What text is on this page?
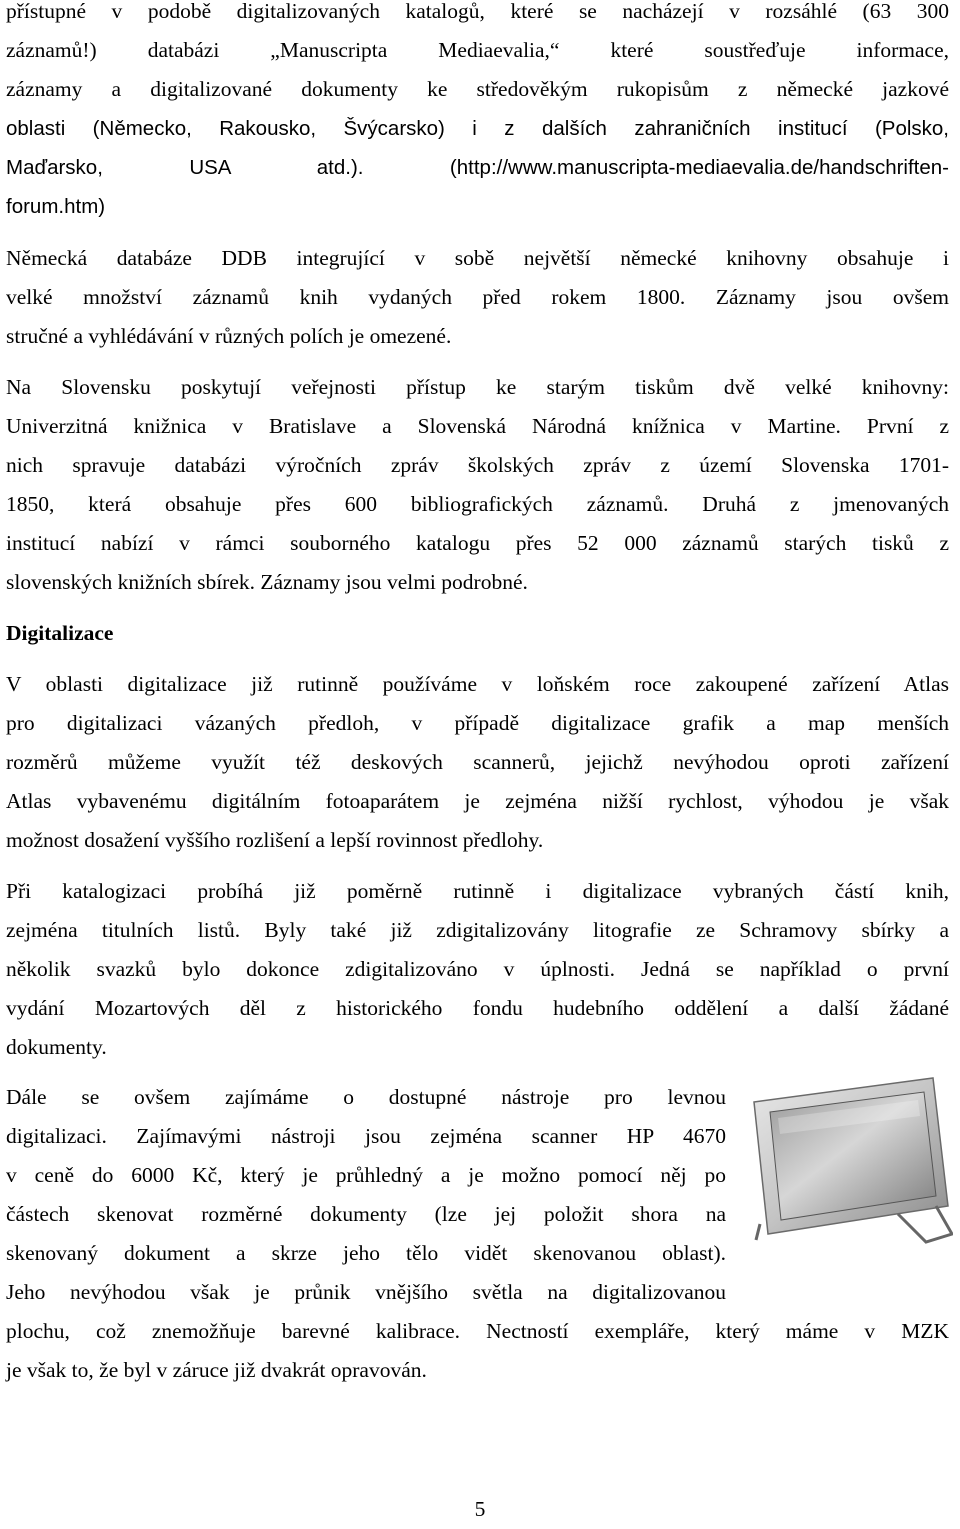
přístupné v podobě digitalizovaných katalogů, které se nacházejí v rozsáhlé (63 300
záznamů!) databázi „Manuscripta Mediaevalia,“ které soustřeďuje informace,
záznamy a digitalizované dokumenty ke středověkým rukopisům z německé jazkové
oblasti (Německo, Rakousko, Švýcarsko) i z dalších zahraničních institucí (Polsko,
Maďarsko, USA atd.). (http://www.manuscripta-mediaevalia.de/handschriften-
forum.htm)
Německá databáze DDB integrující v sobě největší německé knihovny obsahuje i
velké množství záznamů knih vydaných před rokem 1800. Záznamy jsou ovšem
stručné a vyhlédávání v různých polích je omezené.
Na Slovensku poskytují veřejnosti přístup ke starým tiskům dvě velké knihovny:
Univerzitná knižnica v Bratislave a Slovenská Národná knížnica v Martine. První z
nich spravuje databázi výročních zpráv školských zpráv z území Slovenska 1701-
1850, která obsahuje přes 600 bibliografických záznamů. Druhá z jmenovaných
institucí nabízí v rámci souborného katalogu přes 52 000 záznamů starých tisků z
slovenských knižních sbírek. Záznamy jsou velmi podrobné.

Digitalizace

V oblasti digitalizace již rutinně používáme v loňském roce zakoupené zařízení Atlas
pro digitalizaci vázaných předloh, v případě digitalizace grafik a map menších
rozměrů můžeme využít též deskových scannerů, jejichž nevýhodou oproti zařízení
Atlas vybavenému digitálním fotoaparátem je zejména nižší rychlost, výhodou je však
možnost dosažení vyššího rozlišení a lepší rovinnost předlohy.
Při katalogizaci probíhá již poměrně rutinně i digitalizace vybraných částí knih,
zejména titulních listů. Byly také již zdigitalizovány litografie ze Schramovy sbírky a
několik svazků bylo dokonce zdigitalizováno v úplnosti. Jedná se například o první
vydání Mozartových děl z historického fondu hudebního oddělení a další žádané
dokumenty.
Dále se ovšem zajímáme o dostupné nástroje pro levnou
digitalizaci. Zajímavými nástroji jsou zejména scanner HP 4670
v ceně do 6000 Kč, který je průhledný a je možno pomocí něj po
částech skenovat rozměrné dokumenty (lze jej položit shora na
skenovaný dokument a skrze jeho tělo vidět skenovanou oblast).
Jeho nevýhodou však je průnik vnějšího světla na digitalizovanou
plochu, což znemožňuje barevné kalibrace. Nectností exempláře, který máme v MZK
je však to, že byl v záruce již dvakrát opravován.
5
